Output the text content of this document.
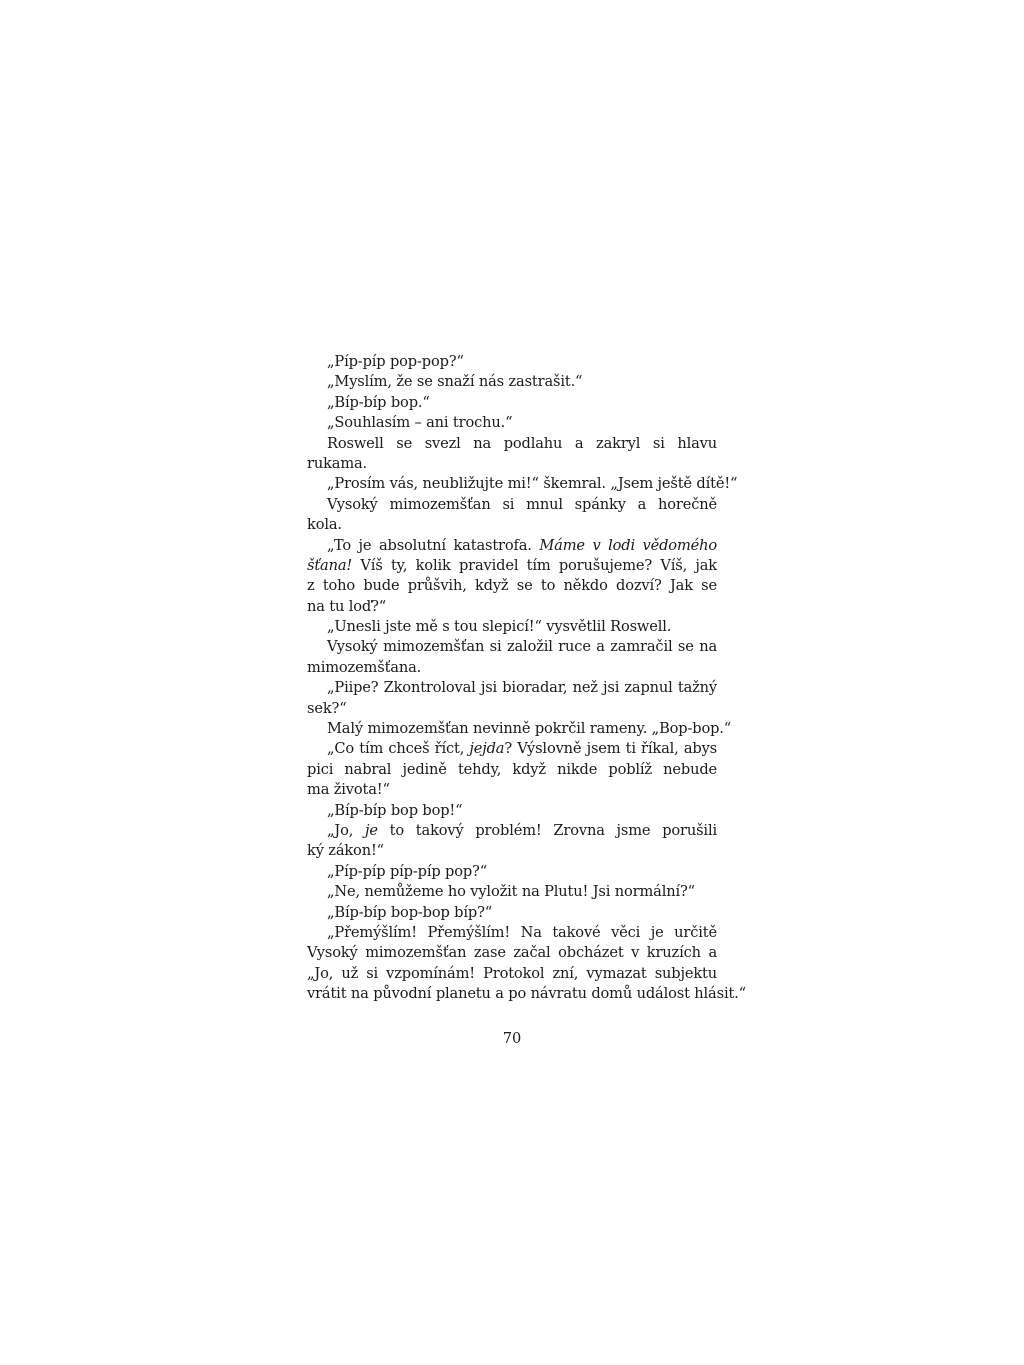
„Píp-píp pop-pop?“
„Myslím, že se snaží nás zastrašit.“
„Bíp-bíp bop.“
„Souhlasím – ani trochu.“
Roswell se svezl na podlahu a zakryl si hlavu
rukama.
„Prosím vás, neubližujte mi!“ škemral. „Jsem ještě dítě!“
Vysoký mimozemšťan si mnul spánky a horečně
kola.
„To je absolutní katastrofa. Máme v lodi vědomého
šťana! Víš ty, kolik pravidel tím porušujeme? Víš, jak
z toho bude průšvih, když se to někdo dozví? Jak se
na tu loď?“
„Unesli jste mě s tou slepicí!“ vysvětlil Roswell.
Vysoký mimozemšťan si založil ruce a zamračil se na
mimozemšťana.
„Piipe? Zkontroloval jsi bioradar, než jsi zapnul tažný
sek?“
Malý mimozemšťan nevinně pokrčil rameny. „Bop-bop.“
„Co tím chceš říct, jejda? Výslovně jsem ti říkal, abys
pici nabral jedině tehdy, když nikde poblíž nebude
ma života!“
„Bíp-bíp bop bop!“
„Jo, je to takový problém! Zrovna jsme porušili
ký zákon!“
„Píp-píp píp-píp pop?“
„Ne, nemůžeme ho vyložit na Plutu! Jsi normální?“
„Bíp-bíp bop-bop bíp?“
„Přemýšlím! Přemýšlím! Na takové věci je určitě
Vysoký mimozemšťan zase začal obcházet v kruzích a
„Jo, už si vzpomínám! Protokol zní, vymazat subjektu
vrátit na původní planetu a po návratu domů událost hlásit.“
70
